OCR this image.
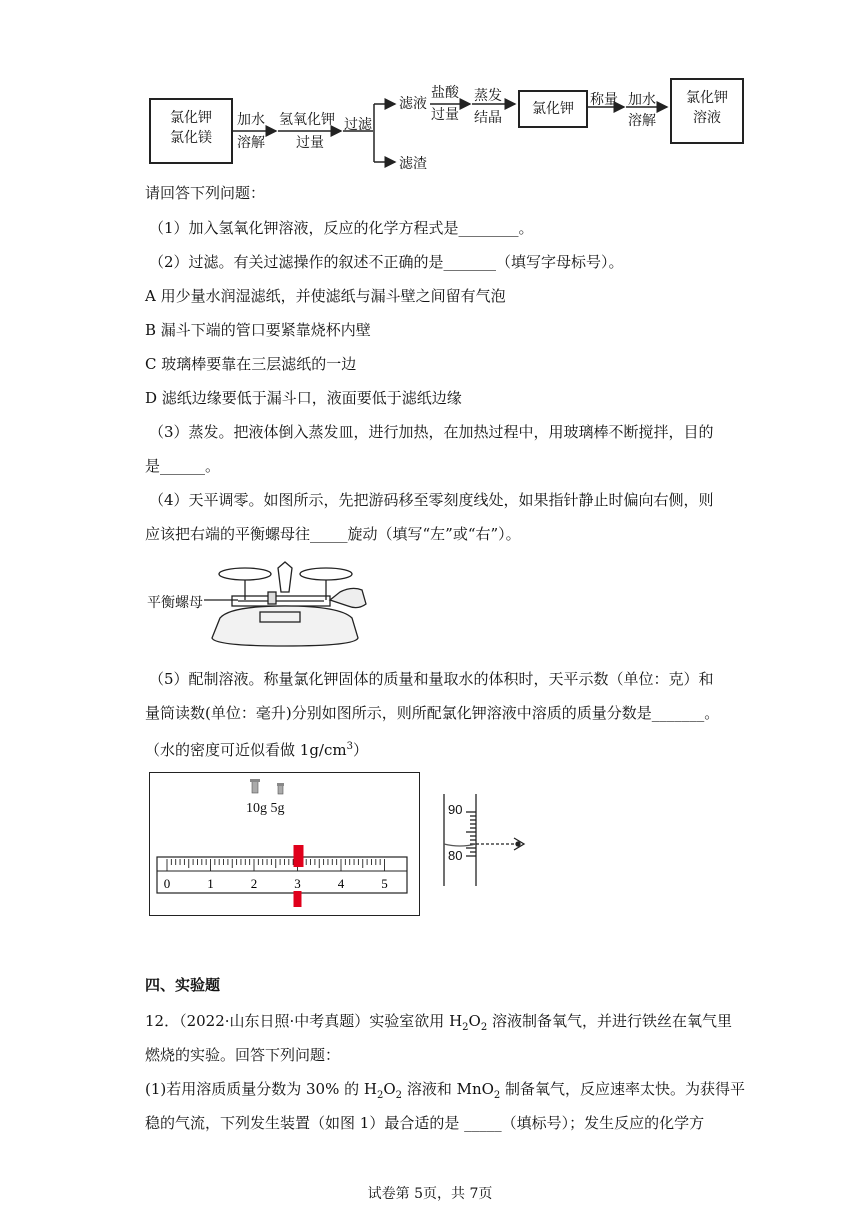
氯化钾
氯化镁
加水
溶解
氢氧化钾
过量
过滤
滤液
滤渣
盐酸
过量
蒸发
结晶
氯化钾
称量 加水
溶解
氯化钾
溶液
请回答下列问题：
（1）加入氢氧化钾溶液，反应的化学方程式是________。
（2）过滤。有关过滤操作的叙述不正确的是_______（填写字母标号）。
A 用少量水润湿滤纸，并使滤纸与漏斗壁之间留有气泡
B 漏斗下端的管口要紧靠烧杯内壁
C 玻璃棒要靠在三层滤纸的一边
D 滤纸边缘要低于漏斗口，液面要低于滤纸边缘
（3）蒸发。把液体倒入蒸发皿，进行加热，在加热过程中，用玻璃棒不断搅拌，目的
是______。
（4）天平调零。如图所示，先把游码移至零刻度线处，如果指针静止时偏向右侧，则
应该把右端的平衡螺母往_____旋动（填写“左”或“右”）。
平衡螺母
（5）配制溶液。称量氯化钾固体的质量和量取水的体积时，天平示数（单位：克）和
量筒读数(单位：毫升)分别如图所示，则所配氯化钾溶液中溶质的质量分数是_______。
（水的密度可近似看做 $1g/cm^3$）
10g 5g
0	1	2	3	4	5
90
80
四、实验题
12．（2022·山东日照·中考真题）实验室欲用 $H_2O_2$ 溶液制备氧气，并进行铁丝在氧气里
燃烧的实验。回答下列问题：
(1)若用溶质质量分数为 30% 的 $H_2O_2$ 溶液和 MnO$_2$ 制备氧气，反应速率太快。为获得平
稳的气流，下列发生装置（如图 1）最合适的是 _____（填标号）；发生反应的化学方
试卷第 5页，共 7页
